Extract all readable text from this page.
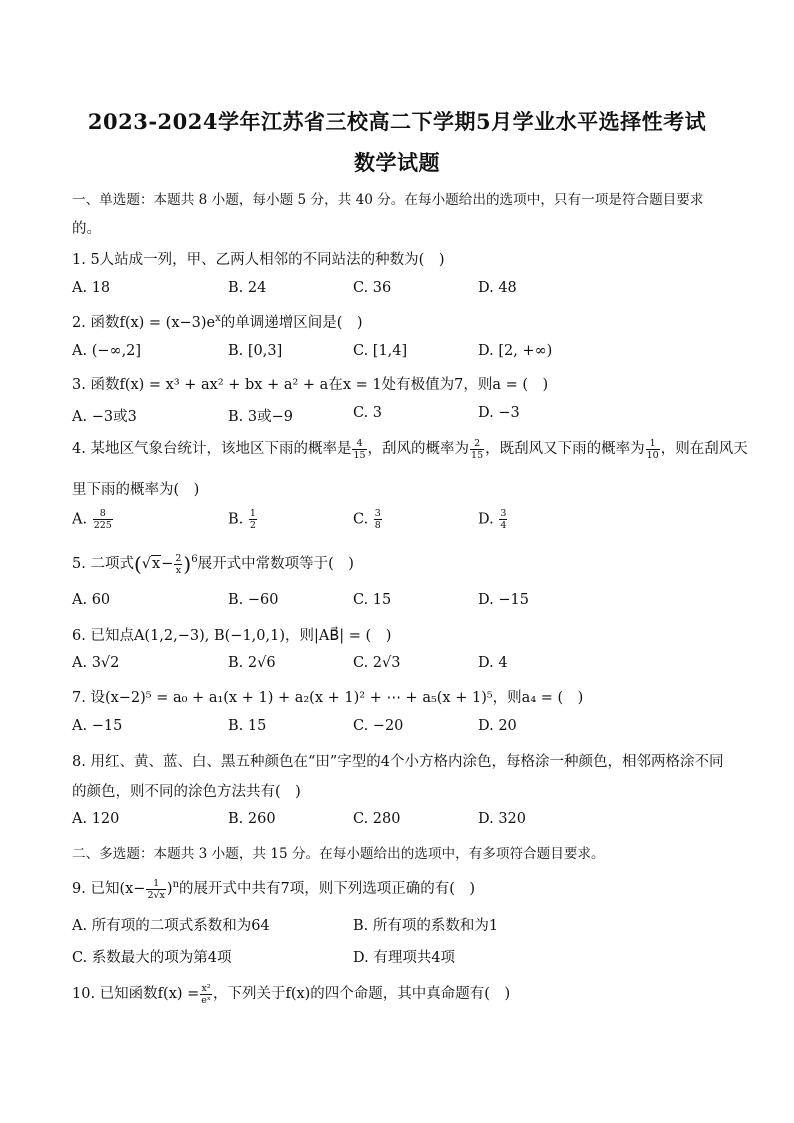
2023-2024学年江苏省三校高二下学期5月学业水平选择性考试
数学试题
一、单选题：本题共 8 小题，每小题 5 分，共 40 分。在每小题给出的选项中，只有一项是符合题目要求
的。
1. 5人站成一列，甲、乙两人相邻的不同站法的种数为(　)
A. 18	B. 24	C. 36	D. 48
2. 函数$f(x) = (x-3)e^x$的单调递增区间是(　)
A. (−∞,2]	B. [0,3]	C. [1,4]	D. [2, +∞)
3. 函数f(x) = x³ + ax² + bx + a² + a在x = 1处有极值为7，则a = (　)
A. −3或3	B. 3或−9	C. 3	D. −3
4. 某地区气象台统计，该地区下雨的概率是 $\frac{4}{15}$ ，刮风的概率为 $\frac{2}{15}$ ，既刮风又下雨的概率为 $\frac{1}{10}$ ，则在刮风天
里下雨的概率为(　)
A. $\frac{8}{225}$	B. $\frac{1}{2}$	C. $\frac{3}{8}$	D. $\frac{3}{4}$
5. 二项式$(√x- \frac{2}{x} )^6$展开式中常数项等于(　)
A. 60	B. −60	C. 15	D. −15
6. 已知点A(1,2,−3), B(−1,0,1)，则|AB⃗| = (　)
A. 3√2	B. 2√6	C. 2√3	D. 4
7. 设(x−2)⁵ = a₀ + a₁(x + 1) + a₂(x + 1)² + ⋯ + a₅(x + 1)⁵，则a₄ = (　)
A. −15	B. 15	C. −20	D. 20
8. 用红、黄、蓝、白、黑五种颜色在“田”字型的4个小方格内涂色，每格涂一种颜色，相邻两格涂不同
的颜色，则不同的涂色方法共有(　)
A. 120	B. 260	C. 280	D. 320
二、多选题：本题共 3 小题，共 15 分。在每小题给出的选项中，有多项符合题目要求。
9. 已知$(x- \frac{1}{2√x} )^n$的展开式中共有7项，则下列选项正确的有(　)
A. 所有项的二项式系数和为64	B. 所有项的系数和为1
C. 系数最大的项为第4项	D. 有理项共4项
10. 已知函数$f(x) = \frac{\text{x²}}{\text{eˣ}}$ ，下列关于f(x)的四个命题，其中真命题有(　)
